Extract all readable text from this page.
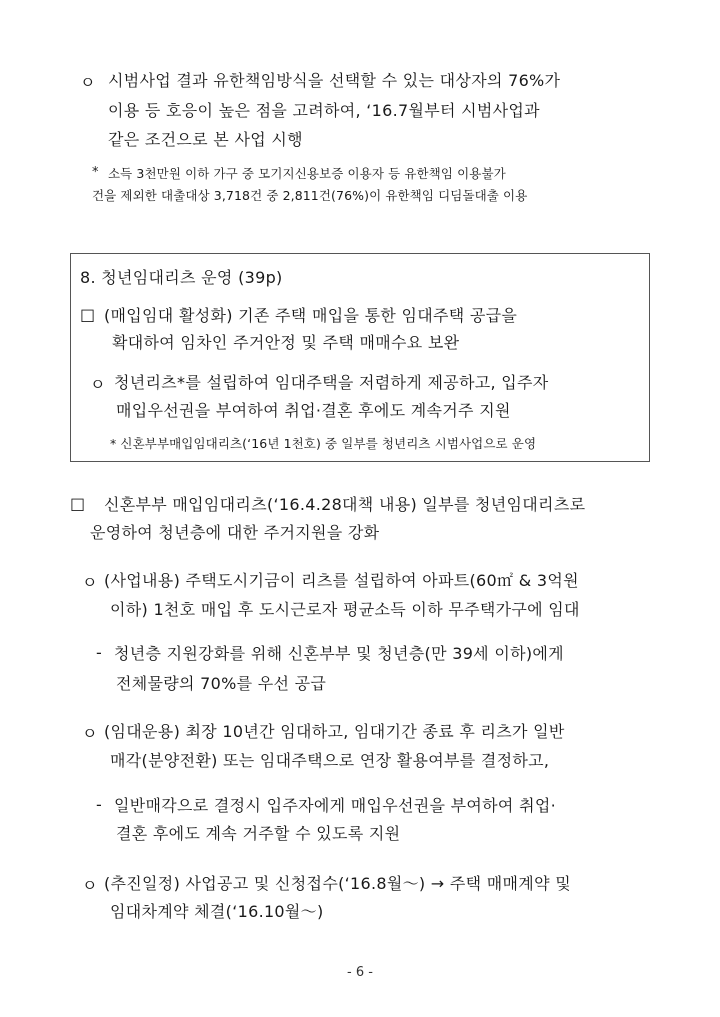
ㅇ 시범사업 결과 유한책임방식을 선택할 수 있는 대상자의 76%가

이용 등 호응이 높은 점을 고려하여, ‘16.7월부터 시범사업과

같은 조건으로 본 사업 시행

* 소득 3천만원 이하 가구 중 모기지신용보증 이용자 등 유한책임 이용불가

건을 제외한 대출대상 3,718건 중 2,811건(76%)이 유한책임 디딤돌대출 이용

8. 청년임대리츠 운영 (39p)

□ (매입임대 활성화) 기존 주택 매입을 통한 임대주택 공급을

확대하여 임차인 주거안정 및 주택 매매수요 보완

ㅇ 청년리츠*를 설립하여 임대주택을 저렴하게 제공하고, 입주자

매입우선권을 부여하여 취업·결혼 후에도 계속거주 지원

* 신혼부부매입임대리츠(‘16년 1천호) 중 일부를 청년리츠 시범사업으로 운영

□ 신혼부부 매입임대리츠(‘16.4.28대책 내용) 일부를 청년임대리츠로

운영하여 청년층에 대한 주거지원을 강화

ㅇ (사업내용) 주택도시기금이 리츠를 설립하여 아파트(60㎡ & 3억원

이하) 1천호 매입 후 도시근로자 평균소득 이하 무주택가구에 임대

- 청년층 지원강화를 위해 신혼부부 및 청년층(만 39세 이하)에게

전체물량의 70%를 우선 공급

ㅇ (임대운용) 최장 10년간 임대하고, 임대기간 종료 후 리츠가 일반

매각(분양전환) 또는 임대주택으로 연장 활용여부를 결정하고,

- 일반매각으로 결정시 입주자에게 매입우선권을 부여하여 취업·

결혼 후에도 계속 거주할 수 있도록 지원

ㅇ (추진일정) 사업공고 및 신청접수(‘16.8월～) → 주택 매매계약 및

임대차계약 체결(‘16.10월～)

- 6 -
